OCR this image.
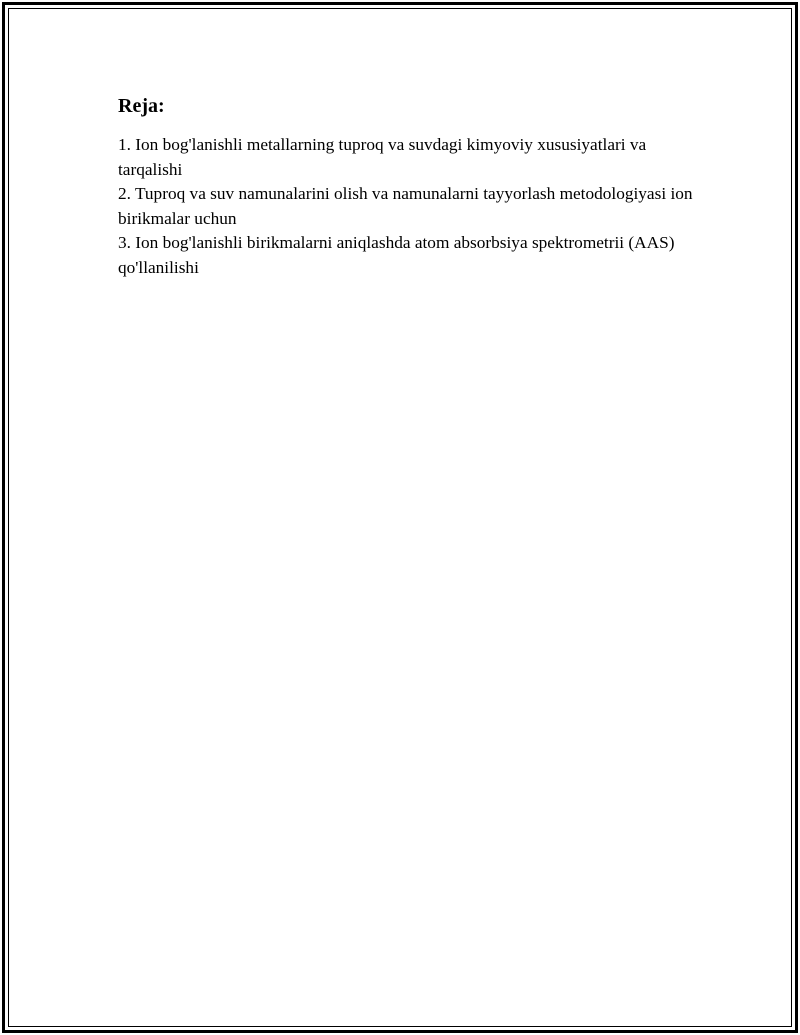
Reja:

1. Ion bog'lanishli metallarning tuproq va suvdagi kimyoviy xususiyatlari va tarqalishi

2. Tuproq va suv namunalarini olish va namunalarni tayyorlash metodologiyasi ion birikmalar uchun

3. Ion bog'lanishli birikmalarni aniqlashda atom absorbsiya spektrometrii (AAS) qo'llanilishi
